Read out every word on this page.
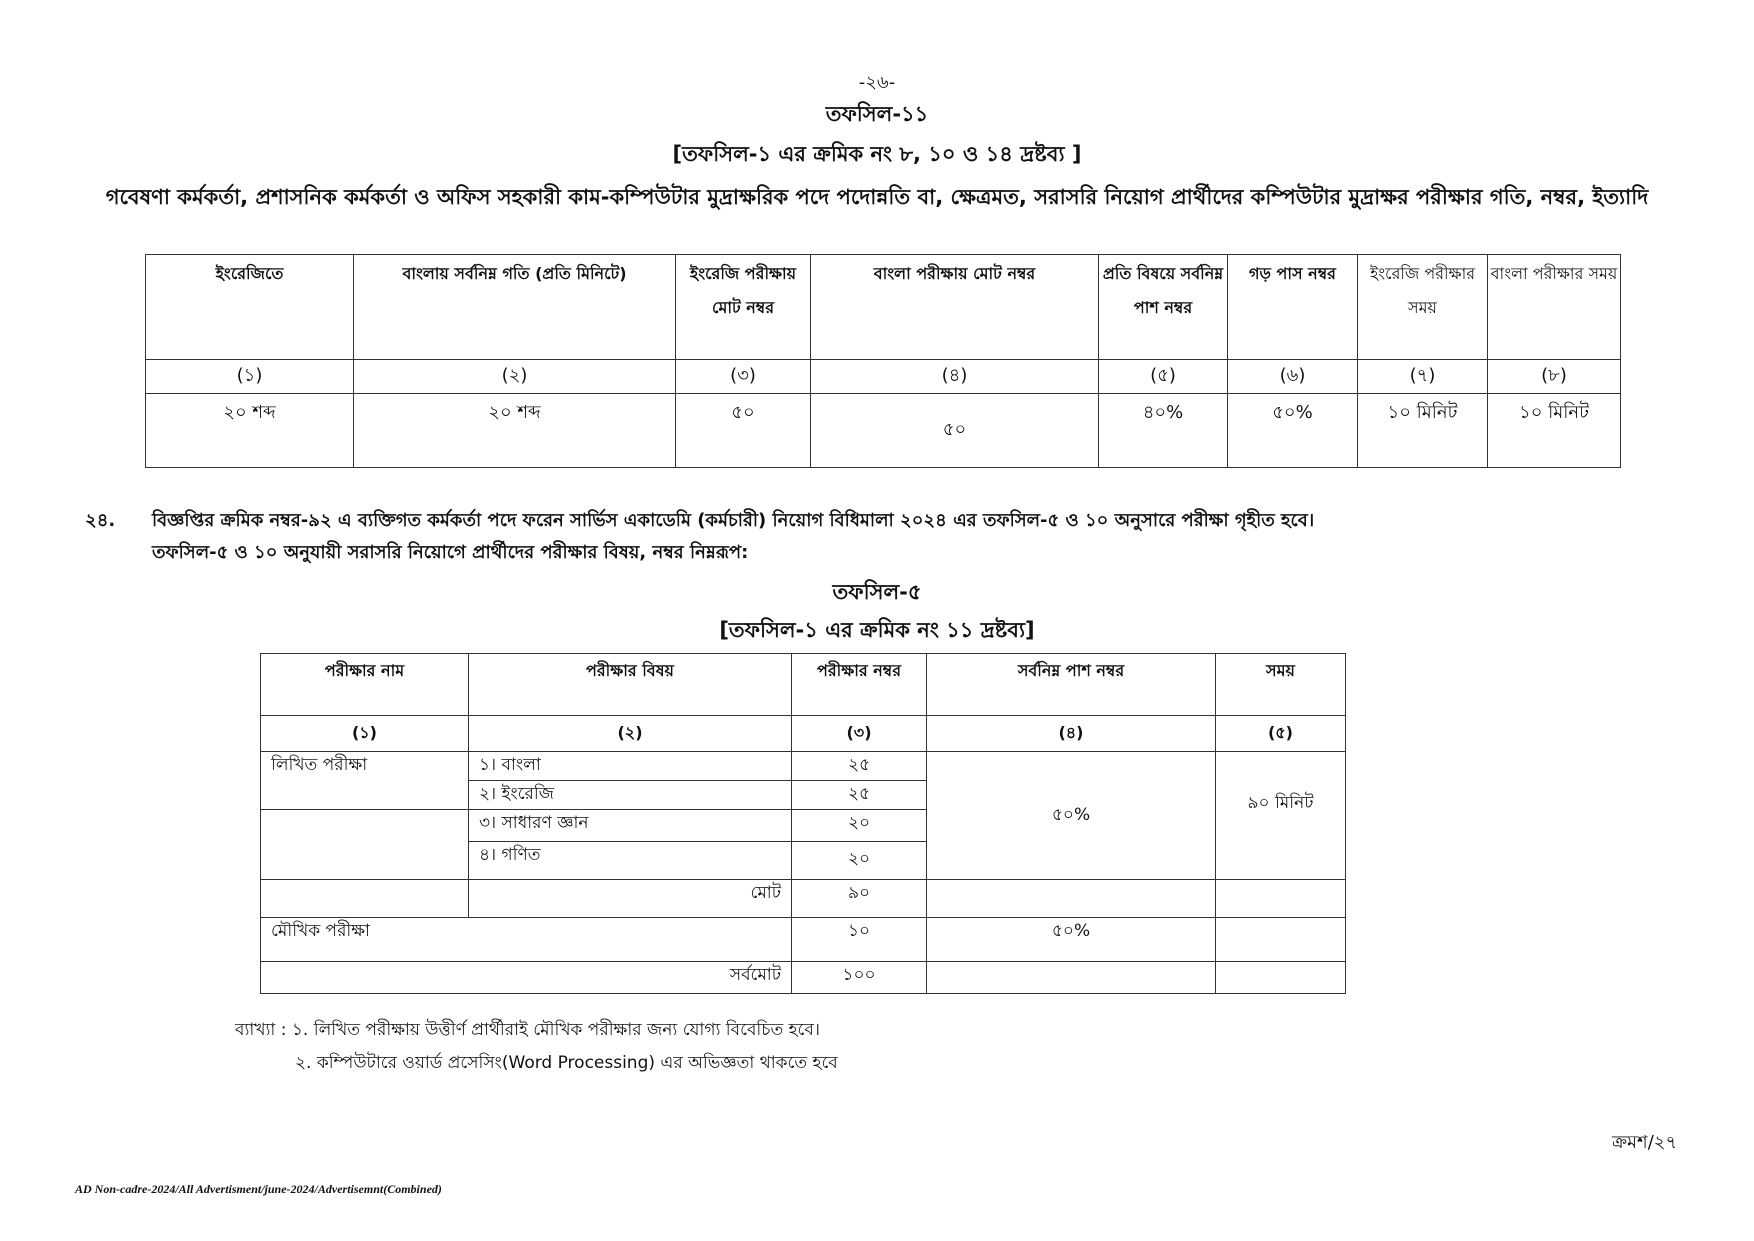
-২৬-
তফসিল-১১
[তফসিল-১ এর ক্রমিক নং ৮, ১০ ও ১৪ দ্রষ্টব্য ]
গবেষণা কর্মকর্তা, প্রশাসনিক কর্মকর্তা ও অফিস সহকারী কাম-কম্পিউটার মুদ্রাক্ষরিক পদে পদোন্নতি বা, ক্ষেত্রমত, সরাসরি নিয়োগ প্রার্থীদের কম্পিউটার মুদ্রাক্ষর পরীক্ষার গতি, নম্বর, ইত্যাদি
ইংরেজিতে	বাংলায় সর্বনিম্ন গতি (প্রতি মিনিটে)	ইংরেজি পরীক্ষায় মোট নম্বর	বাংলা পরীক্ষায় মোট নম্বর	প্রতি বিষয়ে সর্বনিম্ন পাশ নম্বর	গড় পাস নম্বর	ইংরেজি পরীক্ষার সময়	বাংলা পরীক্ষার সময়
(১)	(২)	(৩)	(৪)	(৫)	(৬)	(৭)	(৮)
২০ শব্দ	২০ শব্দ	৫০	৫০	৪০%	৫০%	১০ মিনিট	১০ মিনিট
২৪. বিজ্ঞপ্তির ক্রমিক নম্বর-৯২ এ ব্যক্তিগত কর্মকর্তা পদে ফরেন সার্ভিস একাডেমি (কর্মচারী) নিয়োগ বিধিমালা ২০২৪ এর তফসিল-৫ ও ১০ অনুসারে পরীক্ষা গৃহীত হবে।
তফসিল-৫ ও ১০ অনুযায়ী সরাসরি নিয়োগে প্রার্থীদের পরীক্ষার বিষয়, নম্বর নিম্নরূপ:
তফসিল-৫
[তফসিল-১ এর ক্রমিক নং ১১ দ্রষ্টব্য]
পরীক্ষার নাম	পরীক্ষার বিষয়	পরীক্ষার নম্বর	সর্বনিম্ন পাশ নম্বর	সময়
(১)	(২)	(৩)	(৪)	(৫)
লিখিত পরীক্ষা	১। বাংলা	২৫	৫০%	৯০ মিনিট
	২। ইংরেজি	২৫		
	৩। সাধারণ জ্ঞান	২০		
	৪। গণিত	২০		
	মোট	৯০		
মৌখিক পরীক্ষা		১০	৫০%	
সর্বমোট		১০০		
ব্যাখ্যা : ১. লিখিত পরীক্ষায় উত্তীর্ণ প্রার্থীরাই মৌখিক পরীক্ষার জন্য যোগ্য বিবেচিত হবে।
২. কম্পিউটারে ওয়ার্ড প্রসেসিং(Word Processing) এর অভিজ্ঞতা থাকতে হবে
ক্রমশ/২৭
AD Non-cadre-2024/All Advertisment/june-2024/Advertisemnt(Combined)
